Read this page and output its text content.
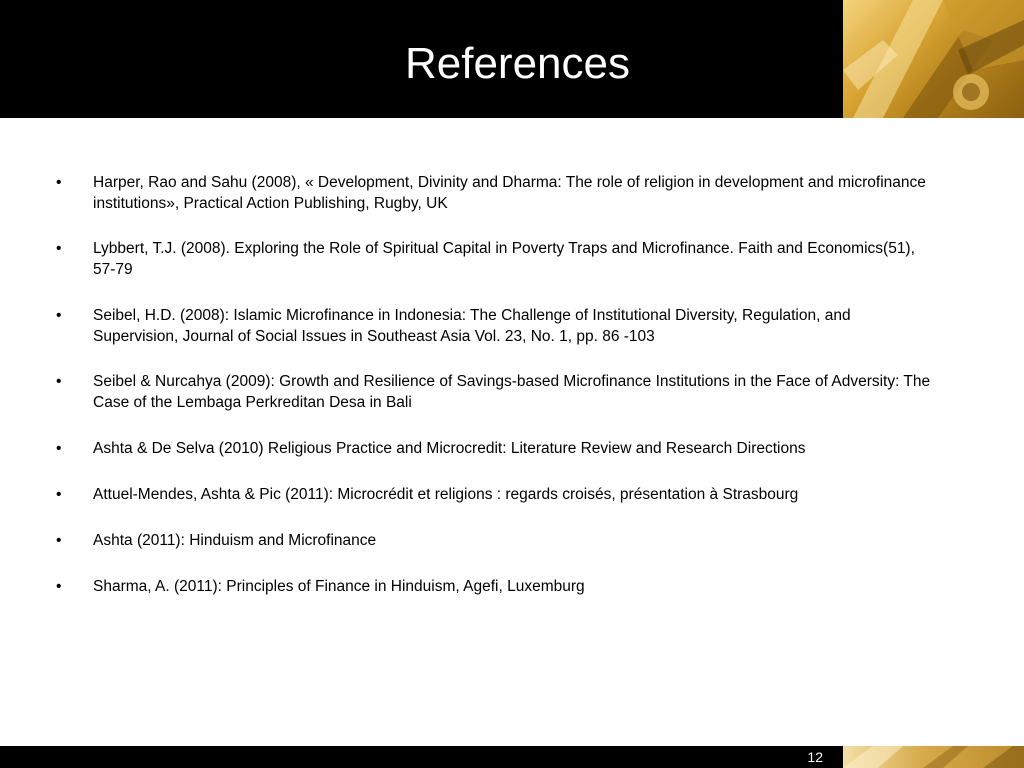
References
•	Harper, Rao and Sahu (2008), « Development, Divinity and Dharma: The role of religion in development and microfinance institutions», Practical Action Publishing, Rugby, UK
•	Lybbert, T.J. (2008). Exploring the Role of Spiritual Capital in Poverty Traps and Microfinance. Faith and Economics(51), 57-79
•	Seibel, H.D. (2008): Islamic Microfinance in Indonesia: The Challenge of Institutional Diversity, Regulation, and Supervision, Journal of Social Issues in Southeast Asia Vol. 23, No. 1, pp. 86 -103
•	Seibel & Nurcahya (2009): Growth and Resilience of Savings-based Microfinance Institutions in the Face of Adversity: The Case of the Lembaga Perkreditan Desa in Bali
•	Ashta & De Selva (2010) Religious Practice and Microcredit: Literature Review and Research Directions
•	Attuel-Mendes, Ashta & Pic (2011): Microcrédit et religions : regards croisés, présentation à Strasbourg
•	Ashta (2011): Hinduism and Microfinance
•	Sharma, A. (2011): Principles of Finance in Hinduism, Agefi, Luxemburg
12
